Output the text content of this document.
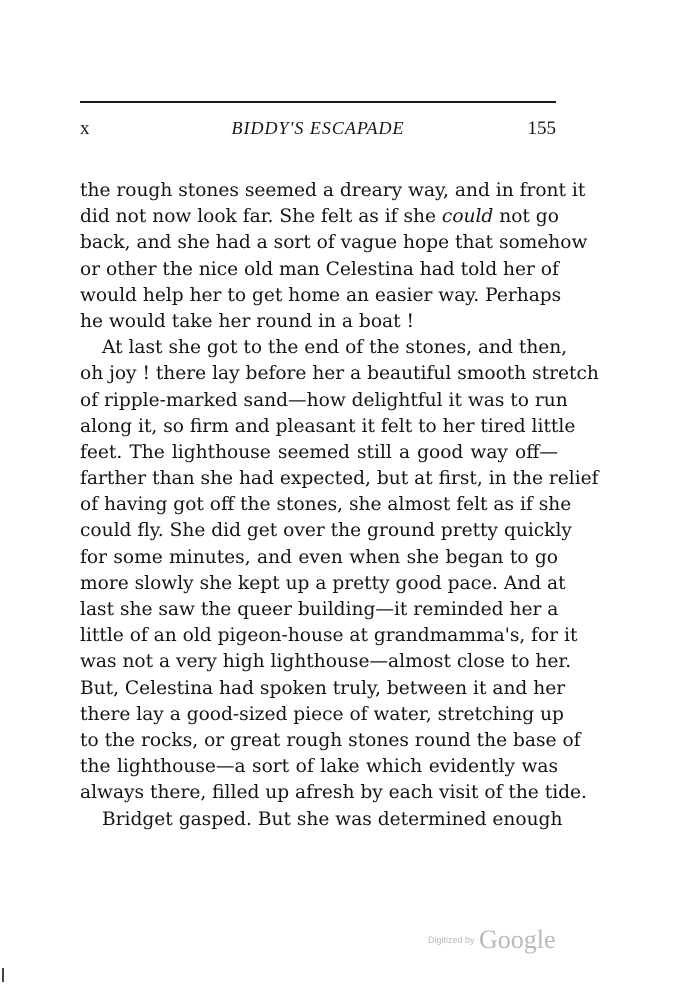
x	BIDDY'S ESCAPADE	155
the rough stones seemed a dreary way, and in front it
did not now look far. She felt as if she could not go
back, and she had a sort of vague hope that somehow
or other the nice old man Celestina had told her of
would help her to get home an easier way. Perhaps
he would take her round in a boat !
At last she got to the end of the stones, and then,
oh joy ! there lay before her a beautiful smooth stretch
of ripple-marked sand—how delightful it was to run
along it, so firm and pleasant it felt to her tired little
feet. The lighthouse seemed still a good way off—
farther than she had expected, but at first, in the relief
of having got off the stones, she almost felt as if she
could fly. She did get over the ground pretty quickly
for some minutes, and even when she began to go
more slowly she kept up a pretty good pace. And at
last she saw the queer building—it reminded her a
little of an old pigeon-house at grandmamma's, for it
was not a very high lighthouse—almost close to her.
But, Celestina had spoken truly, between it and her
there lay a good-sized piece of water, stretching up
to the rocks, or great rough stones round the base of
the lighthouse—a sort of lake which evidently was
always there, filled up afresh by each visit of the tide.
Bridget gasped. But she was determined enough
Digitized by Google
